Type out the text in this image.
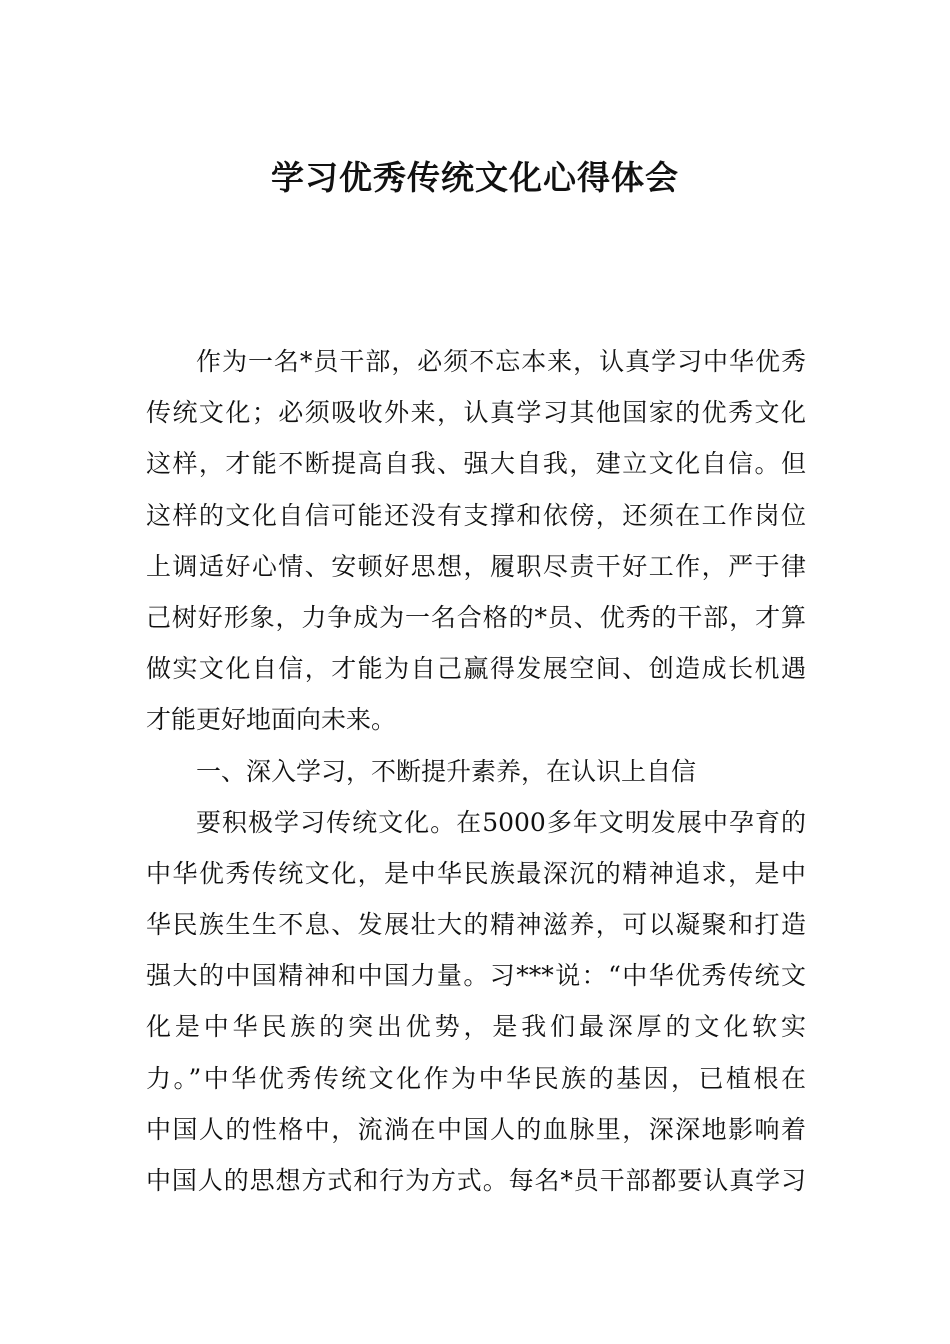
学习优秀传统文化心得体会
作为一名*员干部，必须不忘本来，认真学习中华优秀
传统文化；必须吸收外来，认真学习其他国家的优秀文化
这样，才能不断提高自我、强大自我，建立文化自信。但
这样的文化自信可能还没有支撑和依傍，还须在工作岗位
上调适好心情、安顿好思想，履职尽责干好工作，严于律
己树好形象，力争成为一名合格的*员、优秀的干部，才算
做实文化自信，才能为自己赢得发展空间、创造成长机遇
才能更好地面向未来。
一、深入学习，不断提升素养，在认识上自信
要积极学习传统文化。在5000多年文明发展中孕育的
中华优秀传统文化，是中华民族最深沉的精神追求，是中
华民族生生不息、发展壮大的精神滋养，可以凝聚和打造
强大的中国精神和中国力量。习***说：“中华优秀传统文
化是中华民族的突出优势，是我们最深厚的文化软实
力。”中华优秀传统文化作为中华民族的基因，已植根在
中国人的性格中，流淌在中国人的血脉里，深深地影响着
中国人的思想方式和行为方式。每名*员干部都要认真学习
